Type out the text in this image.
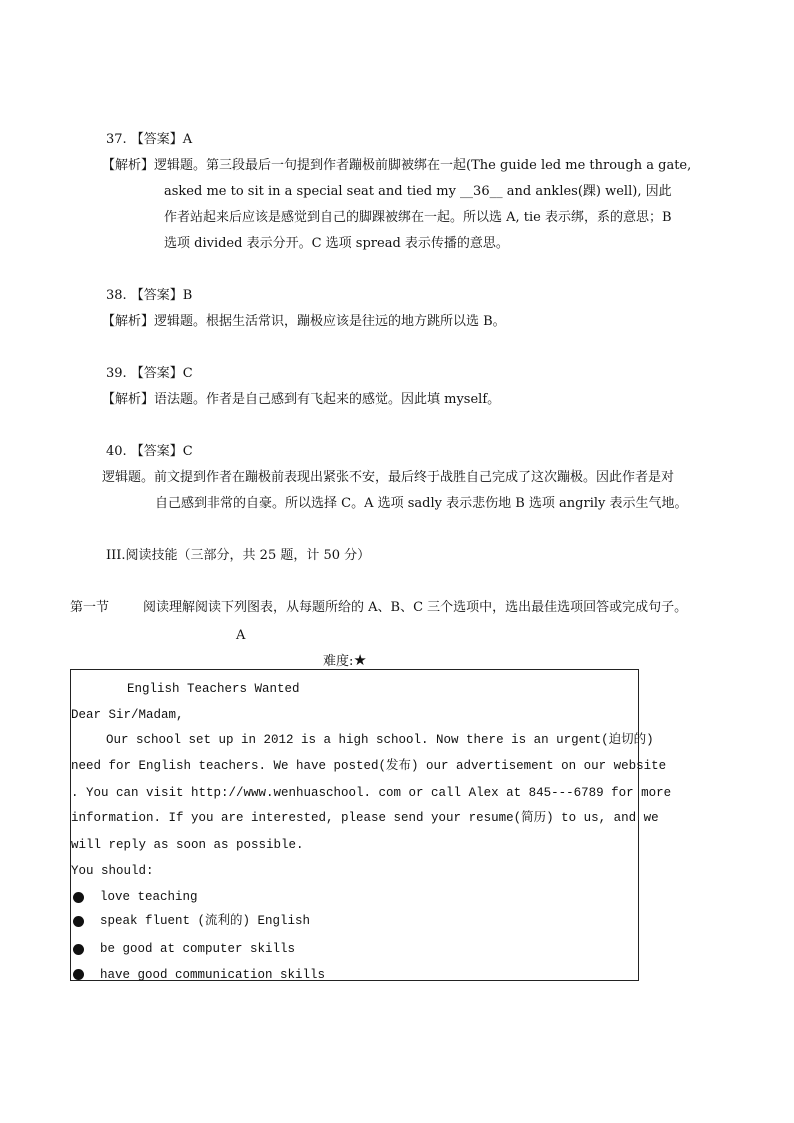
37. 【答案】A
【解析】逻辑题。第三段最后一句提到作者蹦极前脚被绑在一起(The guide led me through a gate,
asked me to sit in a special seat and tied my __36__ and ankles(踝) well), 因此
作者站起来后应该是感觉到自己的脚踝被绑在一起。所以选 A, tie 表示绑，系的意思；B
选项 divided 表示分开。C 选项 spread 表示传播的意思。
38. 【答案】B
【解析】逻辑题。根据生活常识，蹦极应该是往远的地方跳所以选 B。
39. 【答案】C
【解析】语法题。作者是自己感到有飞起来的感觉。因此填 myself。
40. 【答案】C
逻辑题。前文提到作者在蹦极前表现出紧张不安，最后终于战胜自己完成了这次蹦极。因此作者是对
自己感到非常的自豪。所以选择 C。A 选项 sadly 表示悲伤地 B 选项 angrily 表示生气地。
III.阅读技能（三部分，共 25 题，计 50 分）
第一节	阅读理解阅读下列图表，从每题所给的 A、B、C 三个选项中，选出最佳选项回答或完成句子。
A
难度:★
English Teachers Wanted
Dear Sir/Madam,
Our school set up in 2012 is a high school. Now there is an urgent(迫切的)
need for English teachers. We have posted(发布) our advertisement on our website
. You can visit http://www.wenhuaschool. com or call Alex at 845---6789 for more
information. If you are interested, please send your resume(简历) to us, and we
will reply as soon as possible.
You should:
love teaching
speak fluent (流利的) English
be good at computer skills
have good communication skills
